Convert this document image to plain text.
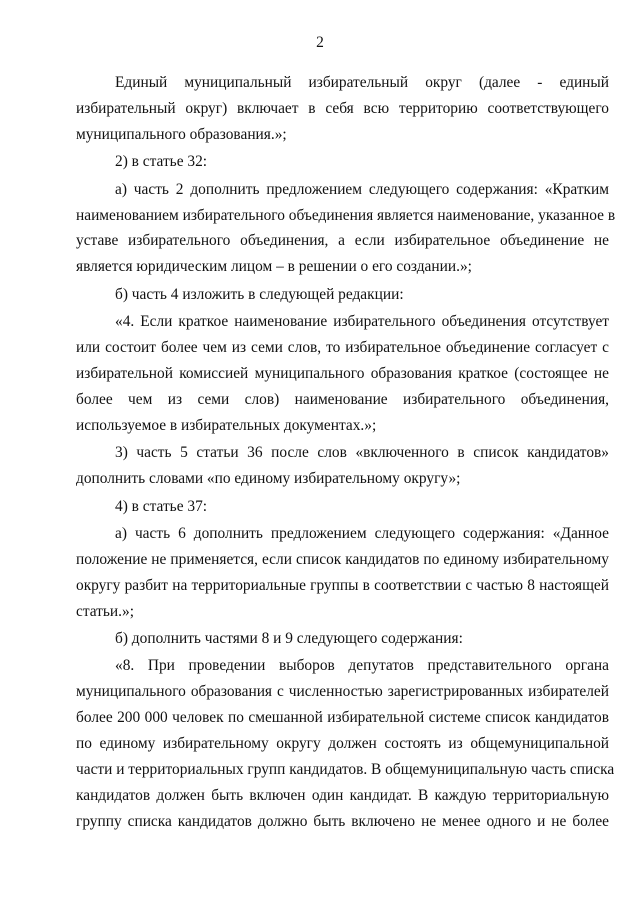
2
Единый муниципальный избирательный округ (далее - единый
избирательный округ) включает в себя всю территорию соответствующего
муниципального образования.»;
2) в статье 32:
а) часть 2 дополнить предложением следующего содержания: «Кратким
наименованием избирательного объединения является наименование, указанное в
уставе избирательного объединения, а если избирательное объединение не
является юридическим лицом – в решении о его создании.»;
б) часть 4 изложить в следующей редакции:
«4. Если краткое наименование избирательного объединения отсутствует
или состоит более чем из семи слов, то избирательное объединение согласует с
избирательной комиссией муниципального образования краткое (состоящее не
более чем из семи слов) наименование избирательного объединения,
используемое в избирательных документах.»;
3) часть 5 статьи 36 после слов «включенного в список кандидатов»
дополнить словами «по единому избирательному округу»;
4) в статье 37:
а) часть 6 дополнить предложением следующего содержания: «Данное
положение не применяется, если список кандидатов по единому избирательному
округу разбит на территориальные группы в соответствии с частью 8 настоящей
статьи.»;
б) дополнить частями 8 и 9 следующего содержания:
«8. При проведении выборов депутатов представительного органа
муниципального образования с численностью зарегистрированных избирателей
более 200 000 человек по смешанной избирательной системе список кандидатов
по единому избирательному округу должен состоять из общемуниципальной
части и территориальных групп кандидатов. В общемуниципальную часть списка
кандидатов должен быть включен один кандидат. В каждую территориальную
группу списка кандидатов должно быть включено не менее одного и не более
